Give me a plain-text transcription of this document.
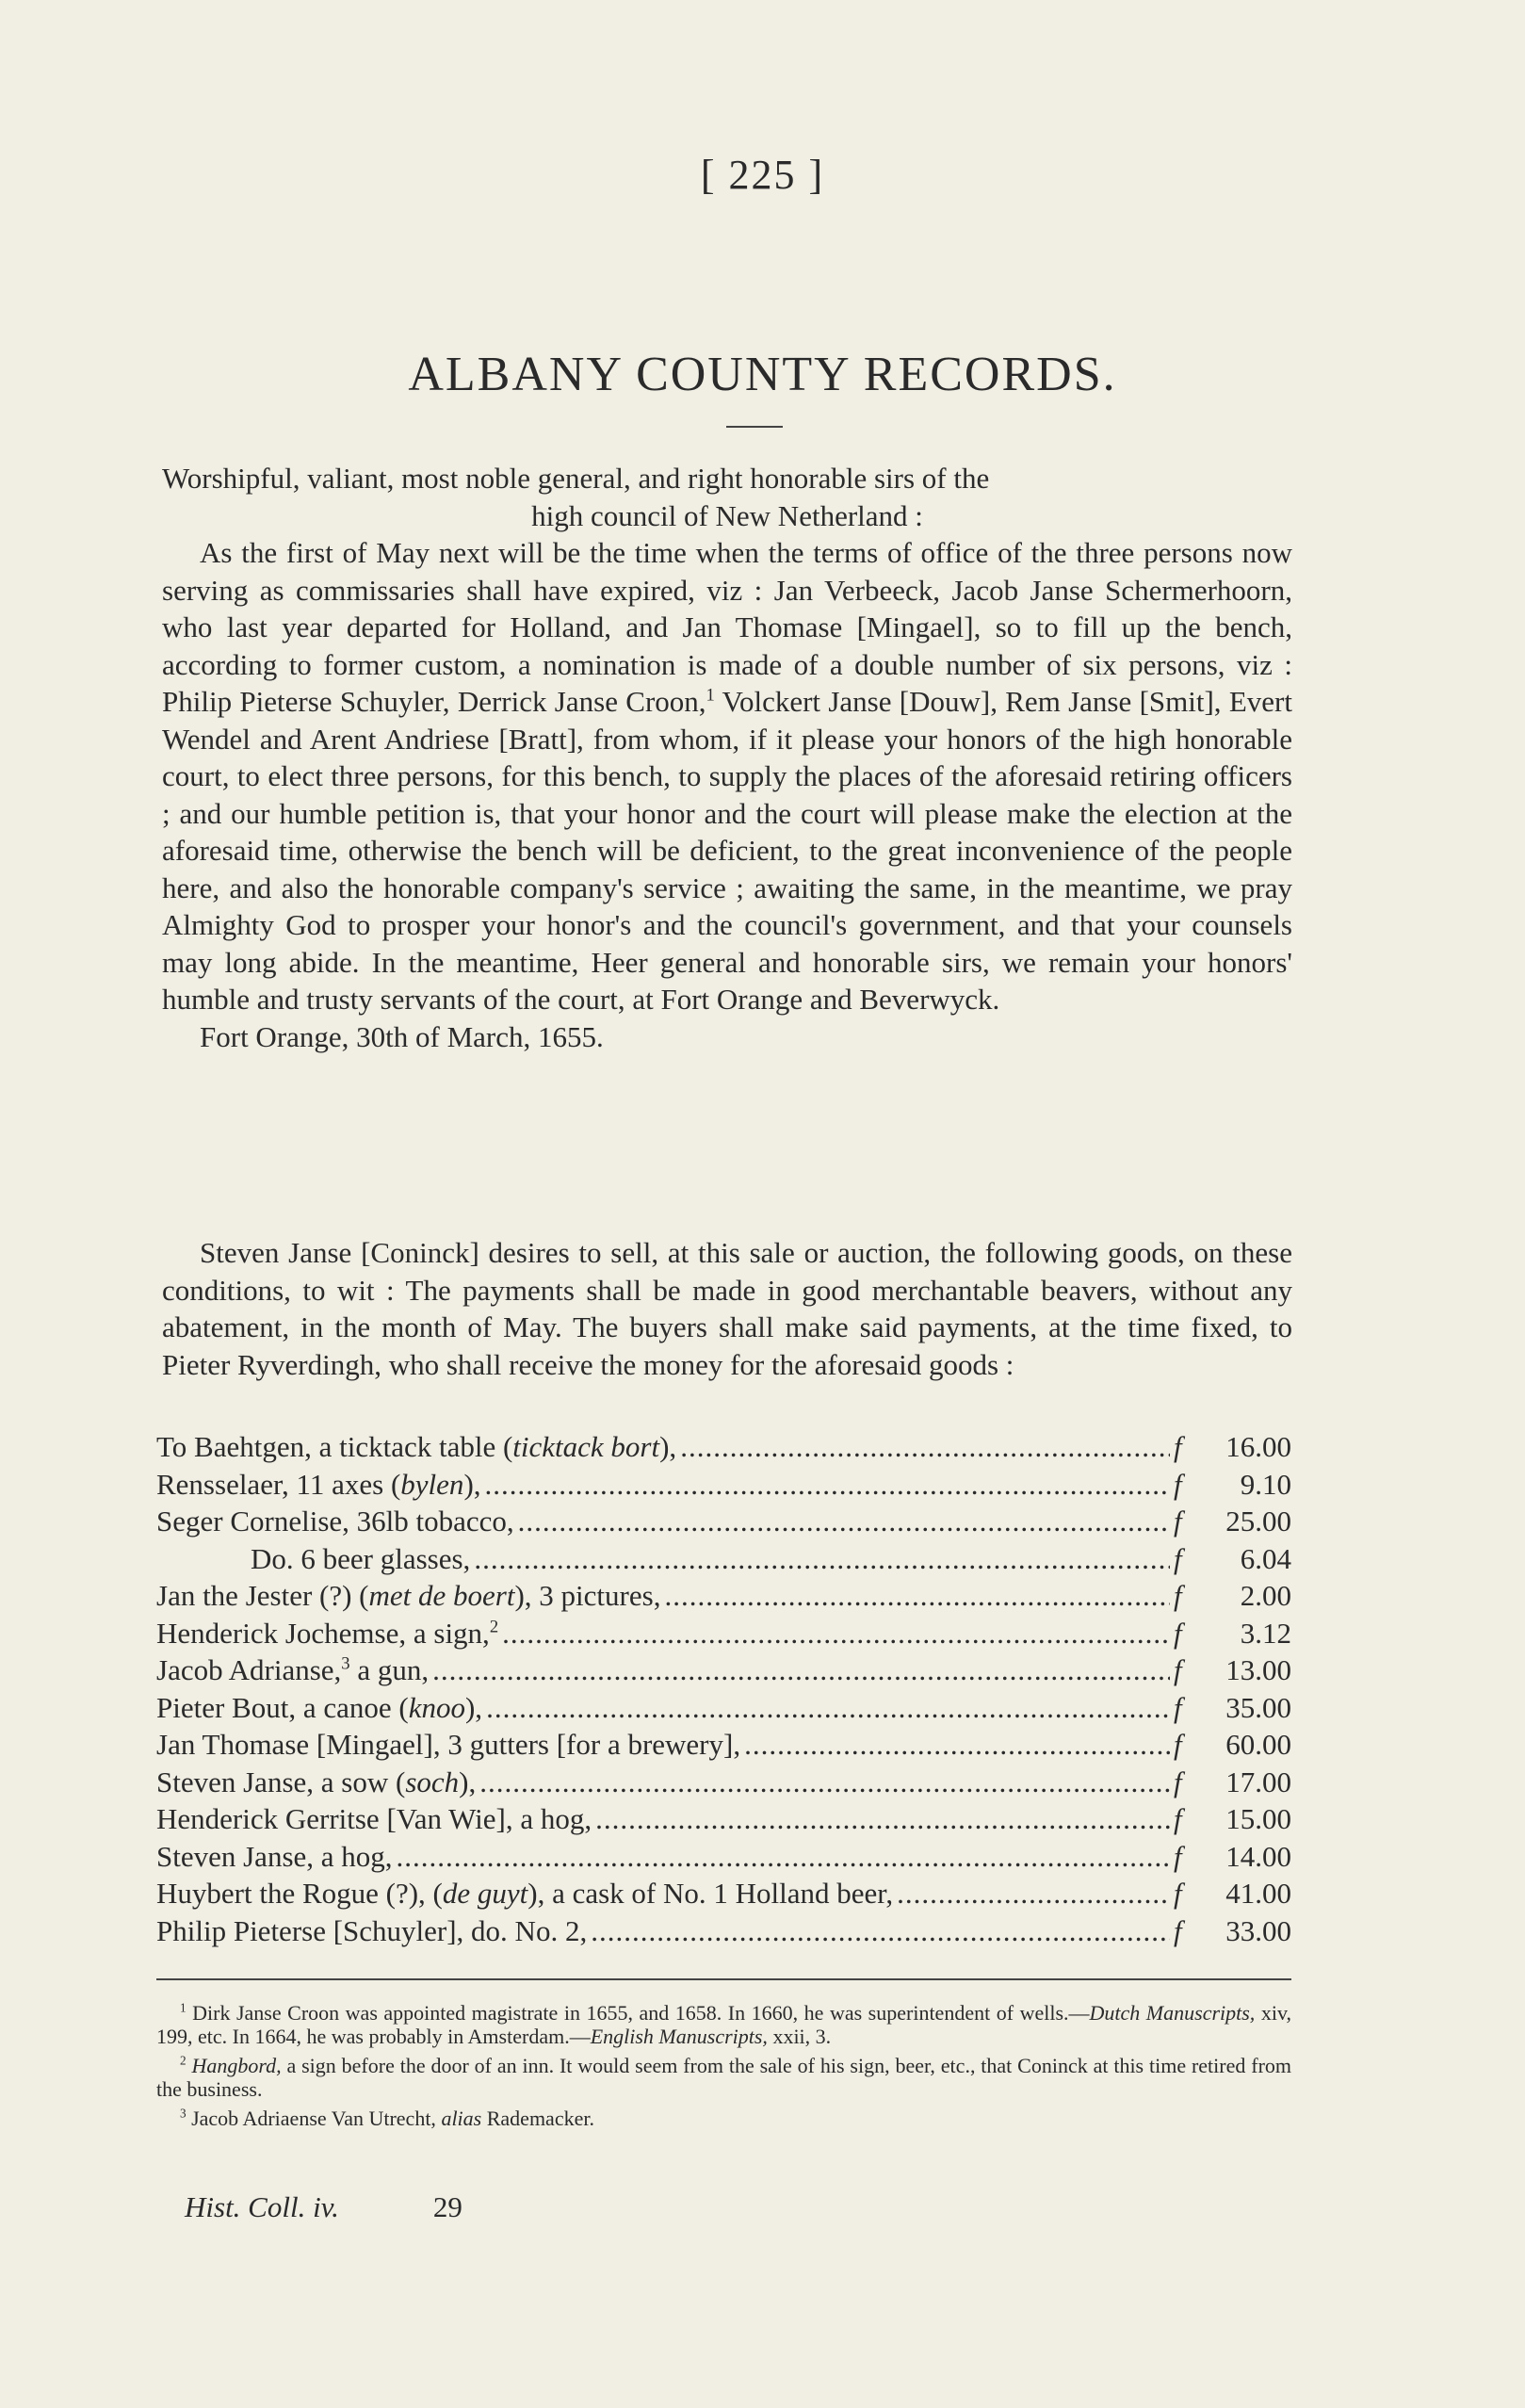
[ 225 ]
ALBANY COUNTY RECORDS.
Worshipful, valiant, most noble general, and right honorable sirs of the
high council of New Netherland :
As the first of May next will be the time when the terms of office of the three persons now serving as commissaries shall have expired, viz : Jan Verbeeck, Jacob Janse Schermerhoorn, who last year departed for Holland, and Jan Thomase [Mingael], so to fill up the bench, according to former custom, a nomination is made of a double number of six persons, viz : Philip Pieterse Schuyler, Derrick Janse Croon,$^1$ Volckert Janse [Douw], Rem Janse [Smit], Evert Wendel and Arent Andriese [Bratt], from whom, if it please your honors of the high honorable court, to elect three persons, for this bench, to supply the places of the aforesaid retiring officers ; and our humble petition is, that your honor and the court will please make the election at the aforesaid time, otherwise the bench will be deficient, to the great inconvenience of the people here, and also the honorable company's service ; awaiting the same, in the meantime, we pray Almighty God to prosper your honor's and the council's government, and that your counsels may long abide. In the meantime, Heer general and honorable sirs, we remain your honors' humble and trusty servants of the court, at Fort Orange and Beverwyck.
Fort Orange, 30th of March, 1655.
Steven Janse [Coninck] desires to sell, at this sale or auction, the following goods, on these conditions, to wit : The payments shall be made in good merchantable beavers, without any abatement, in the month of May. The buyers shall make said payments, at the time fixed, to Pieter Ryverdingh, who shall receive the money for the aforesaid goods :
To Baehtgen, a ticktack table (ticktack bort), .....	f	16.00
Rensselaer, 11 axes (bylen), .....	f	9.10
Seger Cornelise, 36lb tobacco, .....	f	25.00
Do. 6 beer glasses, .....	f	6.04
Jan the Jester (?) (met de boert), 3 pictures, .....	f	2.00
Henderick Jochemse, a sign,$^2$ .....	f	3.12
Jacob Adrianse,$^3$ a gun, .....	f	13.00
Pieter Bout, a canoe (knoo), .....	f	35.00
Jan Thomase [Mingael], 3 gutters [for a brewery], .....	f	60.00
Steven Janse, a sow (soch), .....	f	17.00
Henderick Gerritse [Van Wie], a hog, .....	f	15.00
Steven Janse, a hog, .....	f	14.00
Huybert the Rogue (?), (de guyt), a cask of No. 1 Holland beer, .....	f	41.00
Philip Pieterse [Schuyler], do. No. 2, .....	f	33.00

$^1$ Dirk Janse Croon was appointed magistrate in 1655, and 1658. In 1660, he was superintendent of wells.—Dutch Manuscripts, xiv, 199, etc. In 1664, he was probably in Amsterdam.—English Manuscripts, xxii, 3.

$^2$ Hangbord, a sign before the door of an inn. It would seem from the sale of his sign, beer, etc., that Coninck at this time retired from the business.

$^3$ Jacob Adriaense Van Utrecht, alias Rademacker.

Hist. Coll. iv.	29
